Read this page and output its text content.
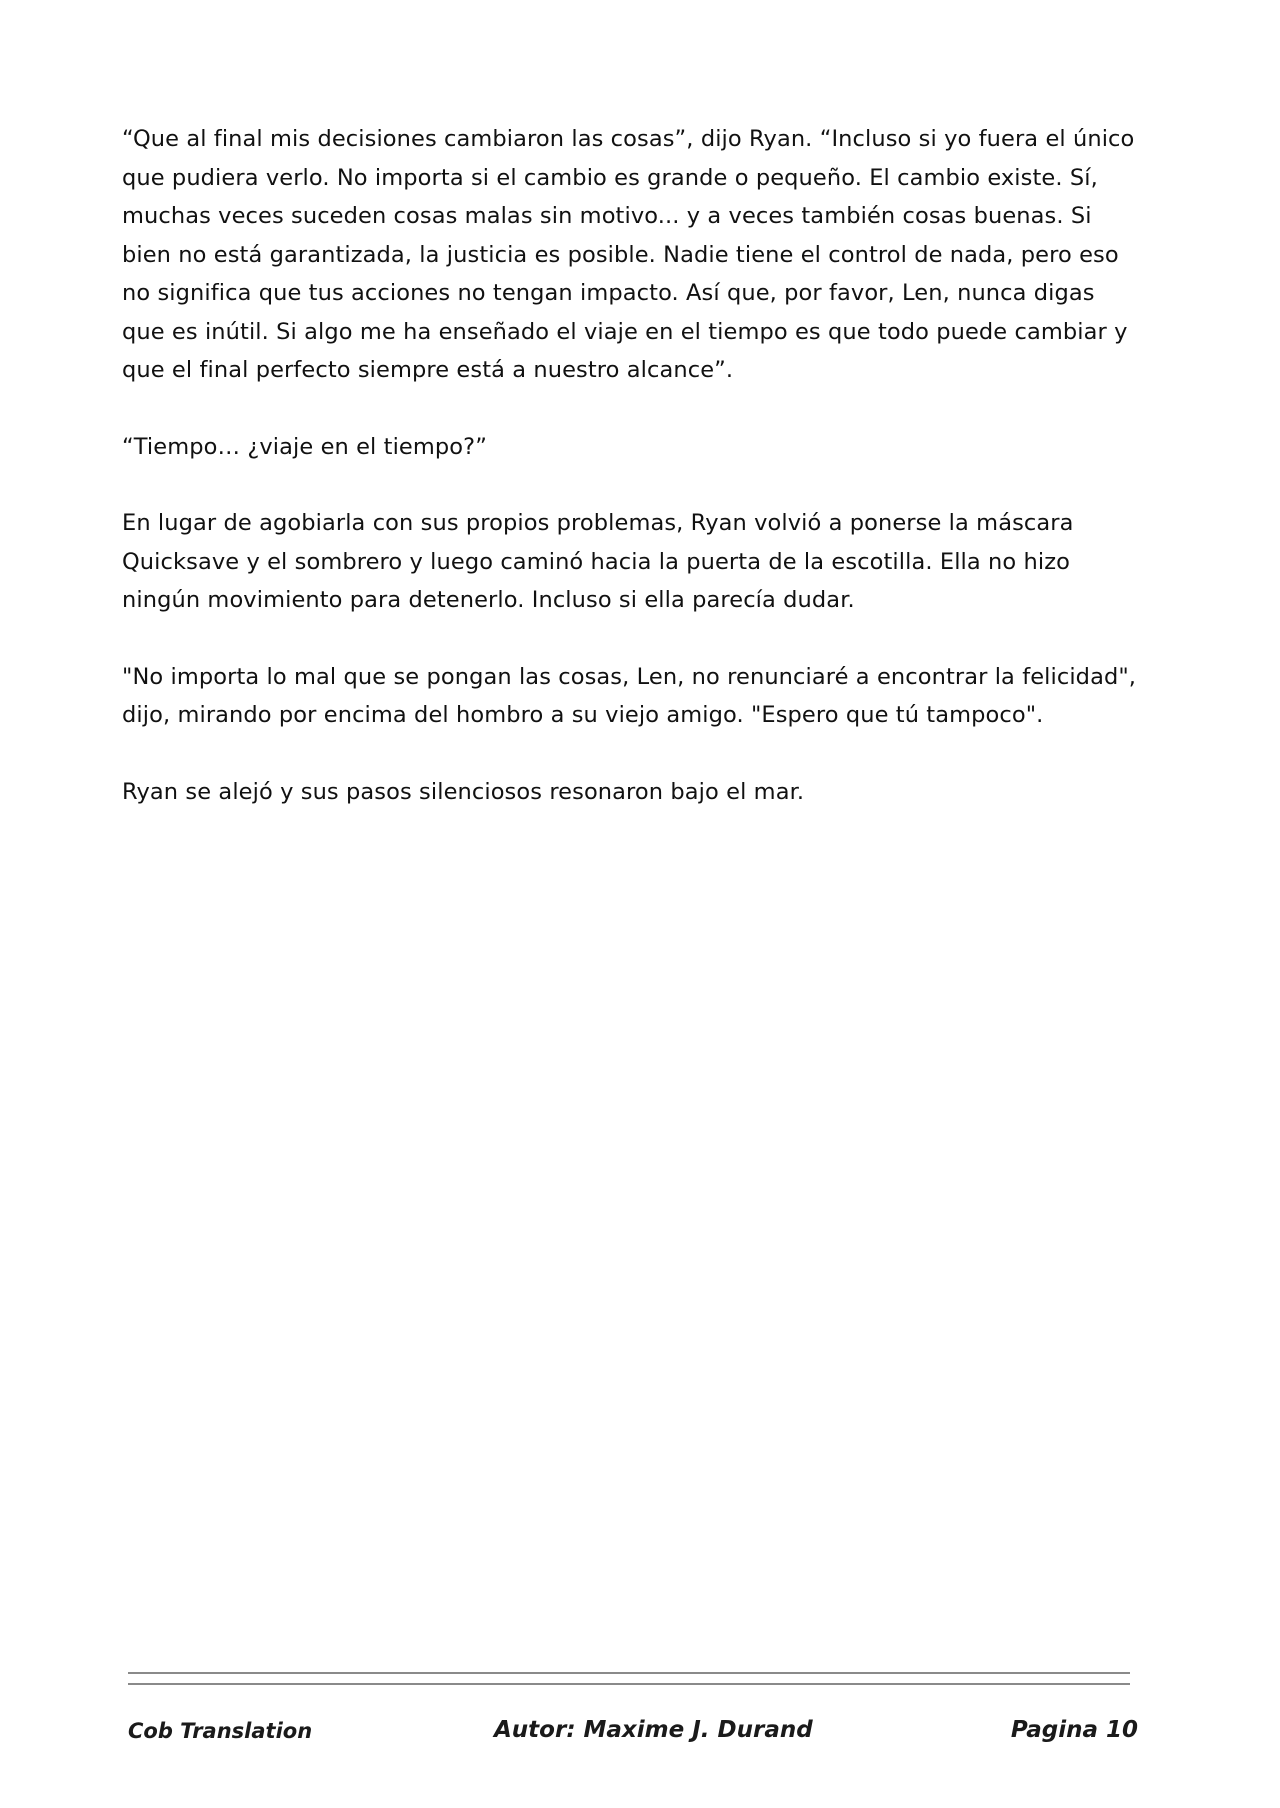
“Que al final mis decisiones cambiaron las cosas”, dijo Ryan. “Incluso si yo fuera el único que pudiera verlo. No importa si el cambio es grande o pequeño. El cambio existe. Sí, muchas veces suceden cosas malas sin motivo... y a veces también cosas buenas. Si bien no está garantizada, la justicia es posible. Nadie tiene el control de nada, pero eso no significa que tus acciones no tengan impacto. Así que, por favor, Len, nunca digas que es inútil. Si algo me ha enseñado el viaje en el tiempo es que todo puede cambiar y que el final perfecto siempre está a nuestro alcance”.

“Tiempo… ¿viaje en el tiempo?”

En lugar de agobiarla con sus propios problemas, Ryan volvió a ponerse la máscara Quicksave y el sombrero y luego caminó hacia la puerta de la escotilla. Ella no hizo ningún movimiento para detenerlo. Incluso si ella parecía dudar.

"No importa lo mal que se pongan las cosas, Len, no renunciaré a encontrar la felicidad", dijo, mirando por encima del hombro a su viejo amigo. "Espero que tú tampoco".

Ryan se alejó y sus pasos silenciosos resonaron bajo el mar.

Cob Translation	Autor: Maxime J. Durand	Pagina 10
